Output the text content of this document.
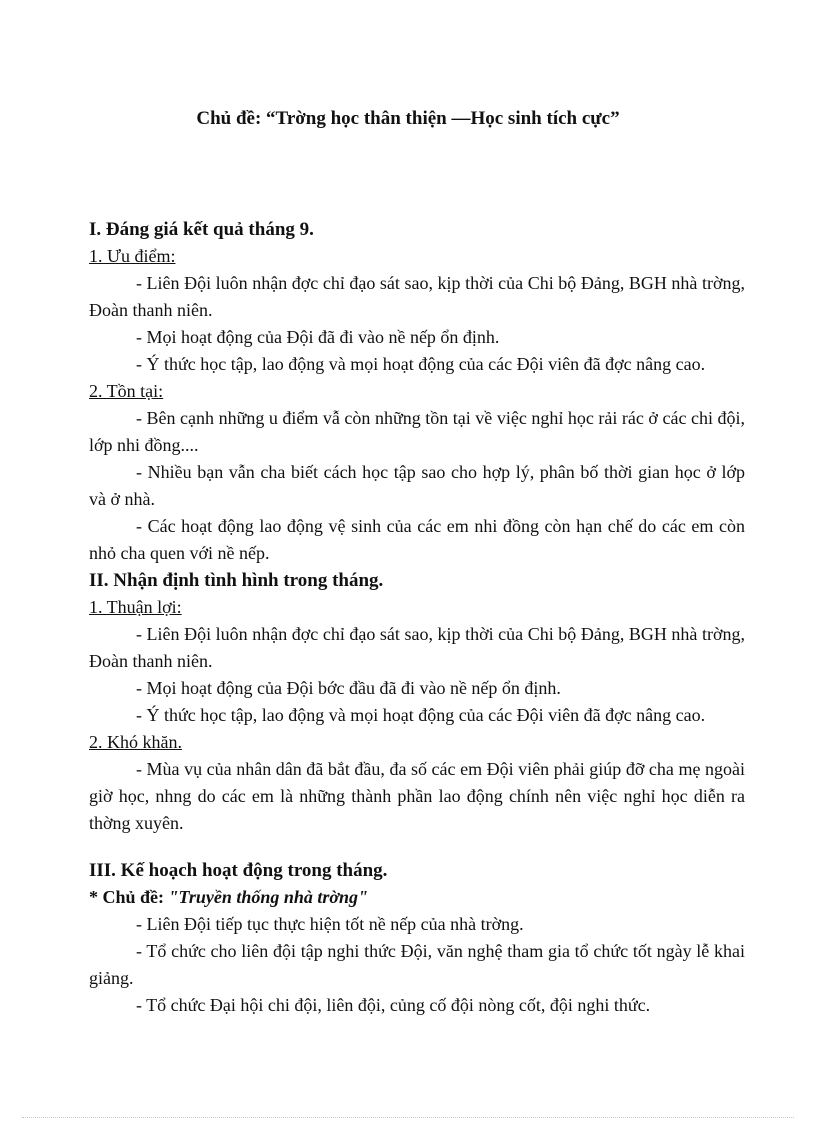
Chủ đề: “Trờng học thân thiện —Học sinh tích cực”

I. Đáng giá kết quả tháng 9.

1. Ưu điểm:

- Liên Đội luôn nhận đợc chỉ đạo sát sao, kịp thời của Chi bộ Đảng, BGH nhà trờng, Đoàn thanh niên.

- Mọi hoạt động của Đội đã đi vào nề nếp ổn định.

- Ý thức học tập, lao động và mọi hoạt động của các Đội viên đã đợc nâng cao.

2. Tồn tại:

- Bên cạnh những u điểm vẫ còn những tồn tại về việc nghỉ học rải rác ở các chi đội, lớp nhi đồng....

- Nhiều bạn vẫn cha biết cách học tập sao cho hợp lý, phân bố thời gian học ở lớp và ở nhà.

- Các hoạt động lao động vệ sinh của các em nhi đồng còn hạn chế do các em còn nhỏ cha quen với nề nếp.

II. Nhận định tình hình trong tháng.

1. Thuận lợi:

- Liên Đội luôn nhận đợc chỉ đạo sát sao, kịp thời của Chi bộ Đảng, BGH nhà trờng, Đoàn thanh niên.

- Mọi hoạt động của Đội bớc đầu đã đi vào nề nếp ổn định.

- Ý thức học tập, lao động và mọi hoạt động của các Đội viên đã đợc nâng cao.

2. Khó khăn.

- Mùa vụ của nhân dân đã bắt đầu, đa số các em Đội viên phải giúp đỡ cha mẹ ngoài giờ học, nhng do các em là những thành phần lao động chính nên việc nghỉ học diễn ra thờng xuyên.

III. Kế hoạch hoạt động trong tháng.

* Chủ đề: "Truyền thống nhà trờng"

- Liên Đội tiếp tục thực hiện tốt nề nếp của nhà trờng.

- Tổ chức cho liên đội tập nghi thức Đội, văn nghệ tham gia tổ chức tốt ngày lễ khai giảng.

- Tổ chức Đại hội chi đội, liên đội, củng cố đội nòng cốt, đội nghi thức.
